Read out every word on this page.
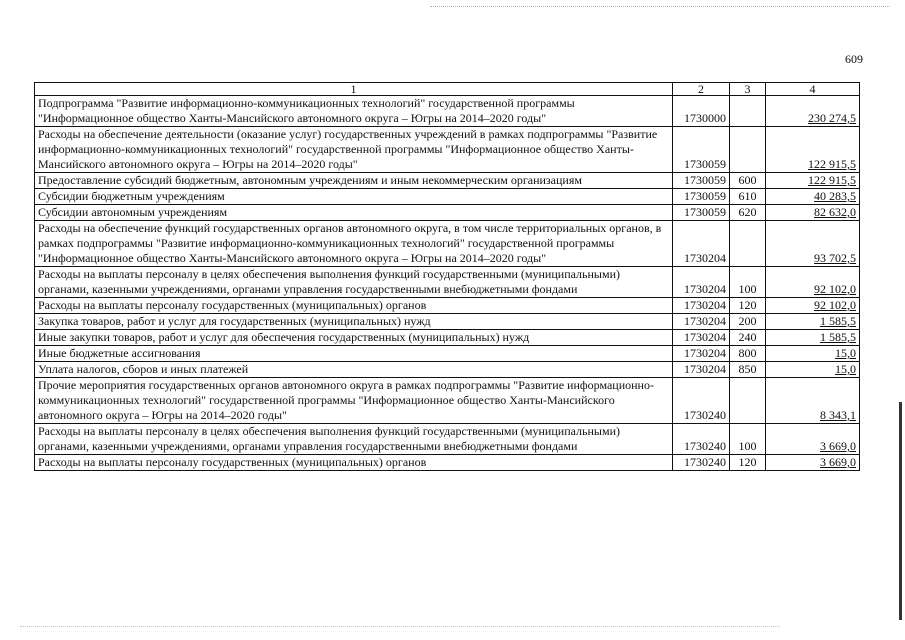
609
1	2	3	4
Подпрограмма "Развитие информационно-коммуникационных технологий" государственной программы "Информационное общество Ханты-Мансийского автономного округа – Югры на 2014–2020 годы"	1730000		230 274,5
Расходы на обеспечение деятельности (оказание услуг) государственных учреждений в рамках подпрограммы "Развитие информационно-коммуникационных технологий" государственной программы "Информационное общество Ханты-Мансийского автономного округа – Югры на 2014–2020 годы"	1730059		122 915,5
Предоставление субсидий бюджетным, автономным учреждениям и иным некоммерческим организациям	1730059	600	122 915,5
Субсидии бюджетным учреждениям	1730059	610	40 283,5
Субсидии автономным учреждениям	1730059	620	82 632,0
Расходы на обеспечение функций государственных органов автономного округа, в том числе территориальных органов, в рамках подпрограммы "Развитие информационно-коммуникационных технологий" государственной программы "Информационное общество Ханты-Мансийского автономного округа – Югры на 2014–2020 годы"	1730204		93 702,5
Расходы на выплаты персоналу в целях обеспечения выполнения функций государственными (муниципальными) органами, казенными учреждениями, органами управления государственными внебюджетными фондами	1730204	100	92 102,0
Расходы на выплаты персоналу государственных (муниципальных) органов	1730204	120	92 102,0
Закупка товаров, работ и услуг для государственных (муниципальных) нужд	1730204	200	1 585,5
Иные закупки товаров, работ и услуг для обеспечения государственных (муниципальных) нужд	1730204	240	1 585,5
Иные бюджетные ассигнования	1730204	800	15,0
Уплата налогов, сборов и иных платежей	1730204	850	15,0
Прочие мероприятия государственных органов автономного округа в рамках подпрограммы "Развитие информационно-коммуникационных технологий" государственной программы "Информационное общество Ханты-Мансийского автономного округа – Югры на 2014–2020 годы"	1730240		8 343,1
Расходы на выплаты персоналу в целях обеспечения выполнения функций государственными (муниципальными) органами, казенными учреждениями, органами управления государственными внебюджетными фондами	1730240	100	3 669,0
Расходы на выплаты персоналу государственных (муниципальных) органов	1730240	120	3 669,0
